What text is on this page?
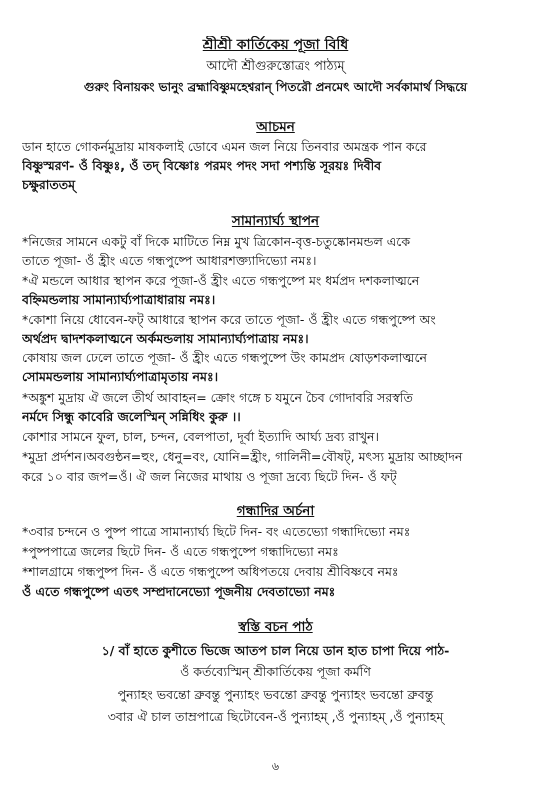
শ্রীশ্রী কার্তিকেয় পূজা বিধি
আদৌ শ্রীগুরুস্তোত্রং পাঠ্যম্
গুরুং বিনায়কং ভানুং ব্রহ্মাবিষ্ণুমহেশ্বরান্ পিতরৌ প্রনমেৎ আদৌ সর্বকামার্থ সিদ্ধয়ে
আচমন
ডান হাতে গোকর্নমুদ্রায় মাষকলাই ডোবে এমন জল নিয়ে তিনবার অমন্ত্রক পান করে
বিষ্ণুস্মরণ- ওঁ বিষ্ণুঃ, ওঁ তদ্ বিষ্ণোঃ পরমং পদং সদা পশ্যন্তি সূরয়ঃ দিবীব
চক্ষুরাততম্
সামান্যার্ঘ্য স্থাপন
*নিজের সামনে একটু বাঁ দিকে মাটিতে নিম্ন মুখ ত্রিকোন-বৃত্ত-চতুষ্কোনমন্ডল একে
তাতে পূজা- ওঁ হ্রীং এতে গন্ধপুষ্পে আধারশক্ত্যাদিভ্যো নমঃ।
*ঐ মন্ডলে আধার স্থাপন করে পূজা-ওঁ হ্রীং এতে গন্ধপুষ্পে মং ধর্মপ্রদ দশকলাত্মনে
বহ্নিমন্ডলায় সামান্যার্ঘ্যপাত্রাধারায় নমঃ।
*কোশা নিয়ে ধোবেন-ফট্ আধারে স্থাপন করে তাতে পূজা- ওঁ হ্রীং এতে গন্ধপুষ্পে অং
অর্থপ্রদ দ্বাদশকলাত্মনে অর্কমন্ডলায় সামান্যার্ঘ্যপাত্রায় নমঃ।
কোষায় জল ঢেলে তাতে পূজা- ওঁ হ্রীং এতে গন্ধপুষ্পে উং কামপ্রদ ষোড়শকলাত্মনে
সোমমন্ডলায় সামান্যার্ঘ্যপাত্রামৃতায় নমঃ।
*অঙ্কুশ মুদ্রায় ঐ জলে তীর্থ আবাহন= ক্রোং গঙ্গে চ যমুনে চৈব গোদাবরি সরস্বতি
নর্মদে সিন্ধু কাবেরি জলেস্মিন্ সন্নিধিং কুরু ।।
কোশার সামনে ফুল, চাল, চন্দন, বেলপাতা, দূর্বা ইত্যাদি আর্ঘ্য দ্রব্য রাখুন।
*মুদ্রা প্রর্দশন।অবগুন্ঠন=হুং, ধেনু=বং, যোনি=হ্রীং, গালিনী=বৌষট্, মৎস্য মুদ্রায় আচ্ছাদন
করে ১০ বার জপ=ওঁ। ঐ জল নিজের মাথায় ও পূজা দ্রব্যে ছিটে দিন- ওঁ ফট্
গন্ধাদির অর্চনা
*৩বার চন্দনে ও পুষ্প পাত্রে সামান্যার্ঘ্য ছিটে দিন- বং এতেভ্যো গন্ধাদিভ্যো নমঃ
*পুষ্পপাত্রে জলের ছিটে দিন- ওঁ এতে গন্ধপুষ্পে গন্ধাদিভ্যো নমঃ
*শালগ্রামে গন্ধপুষ্প দিন- ওঁ এতে গন্ধপুষ্পে অধিপতয়ে দেবায় শ্রীবিষ্ণবে নমঃ
ওঁ এতে গন্ধপুষ্পে এতৎ সম্প্রদানেভ্যো পূজনীয় দেবতাভ্যো নমঃ
স্বস্তি বচন পাঠ
১/ বাঁ হাতে কুশীতে ভিজে আতপ চাল নিয়ে ডান হাত চাপা দিয়ে পাঠ-
ওঁ কর্তব্যেস্মিন্ শ্রীকার্তিকেয় পূজা কর্মণি
পুন্যাহং ভবন্তো ব্রুবন্তু পুন্যাহং ভবন্তো ব্রুবন্তু পুন্যাহং ভবন্তো ব্রুবন্তু
৩বার ঐ চাল তাম্রপাত্রে ছিটোবেন-ওঁ পুন্যাহম্ ,ওঁ পুন্যাহম্ ,ওঁ পুন্যাহম্
৬
